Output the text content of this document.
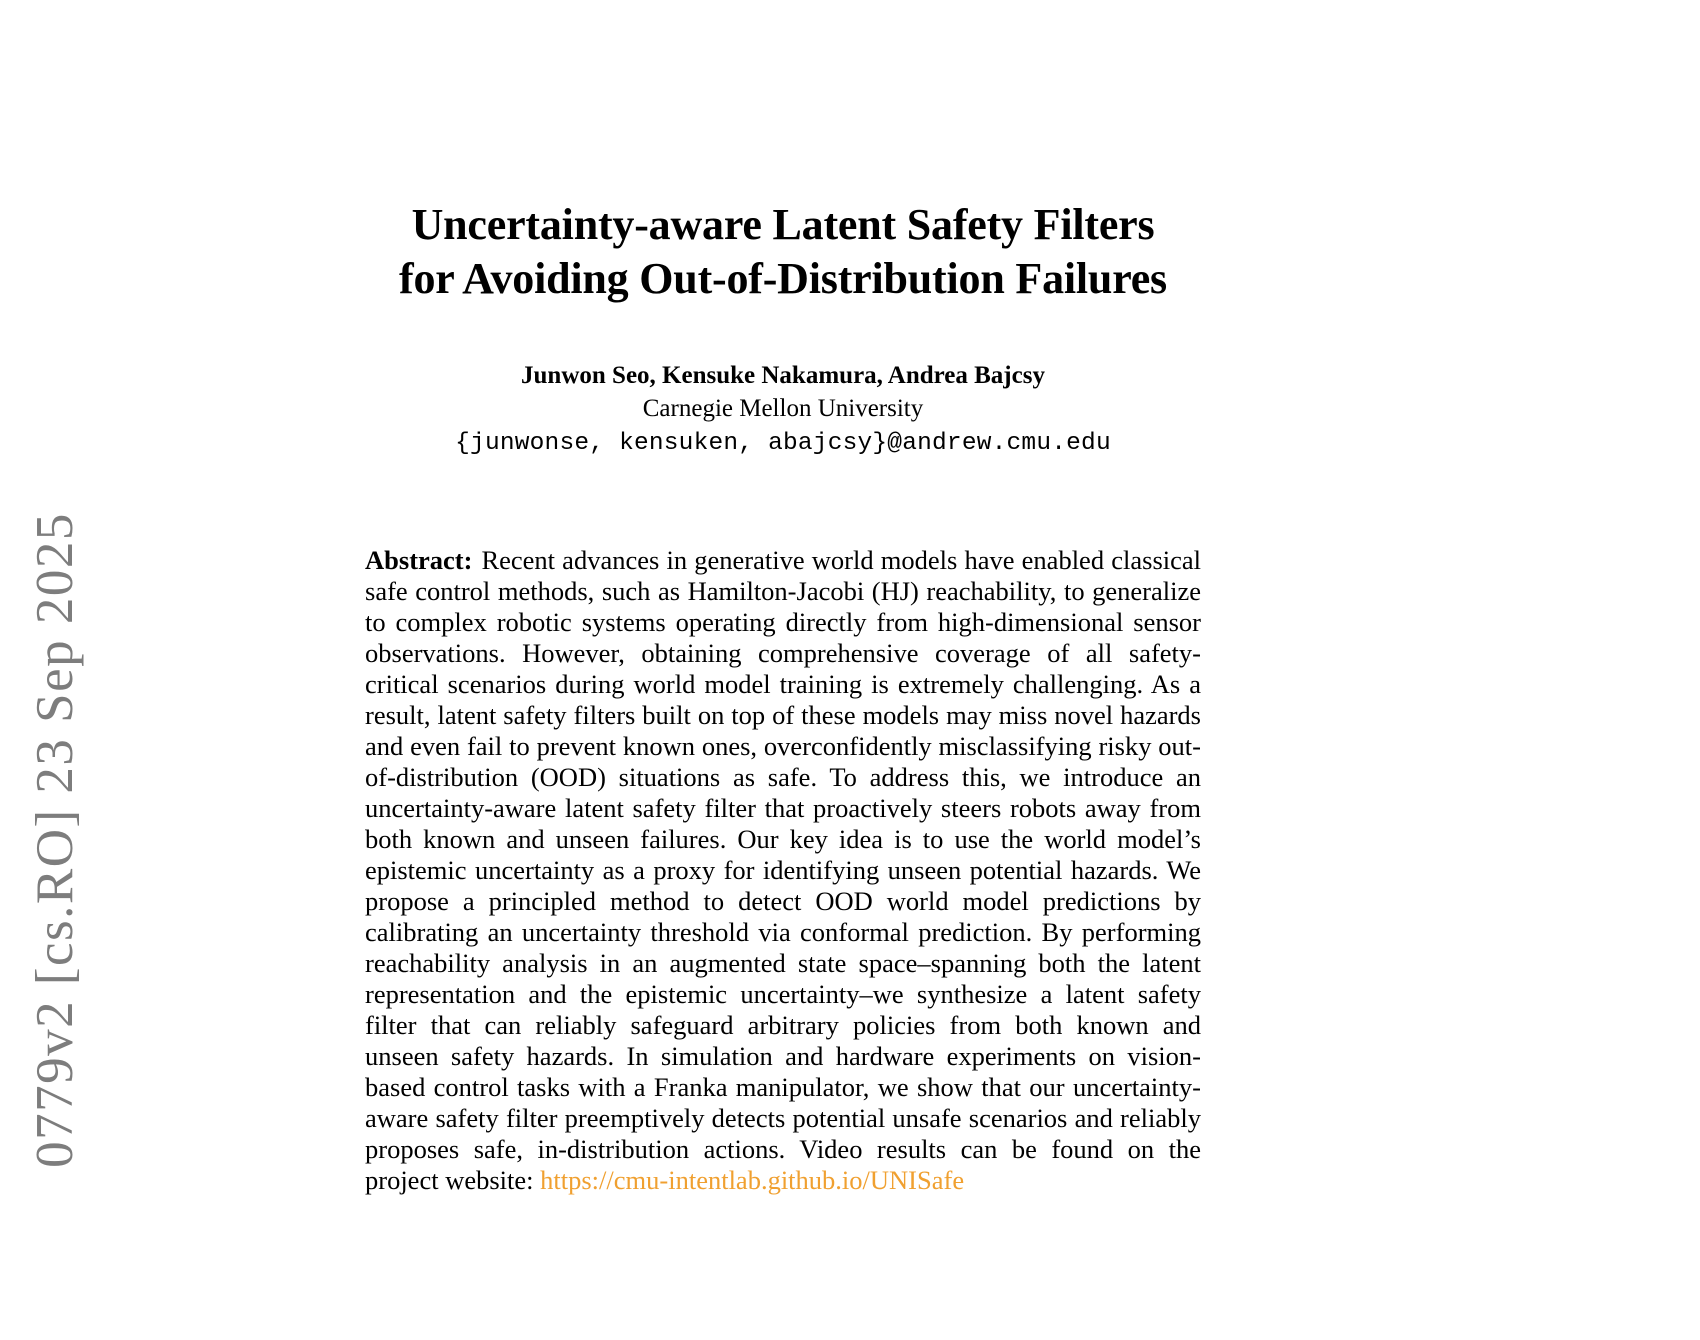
0779v2 [cs.RO] 23 Sep 2025
Uncertainty-aware Latent Safety Filters
for Avoiding Out-of-Distribution Failures
Junwon Seo, Kensuke Nakamura, Andrea Bajcsy
Carnegie Mellon University
{junwonse, kensuken, abajcsy}@andrew.cmu.edu
Abstract: Recent advances in generative world models have enabled classical safe control methods, such as Hamilton-Jacobi (HJ) reachability, to generalize to complex robotic systems operating directly from high-dimensional sensor observations. However, obtaining comprehensive coverage of all safety-critical scenarios during world model training is extremely challenging. As a result, latent safety filters built on top of these models may miss novel hazards and even fail to prevent known ones, overconfidently misclassifying risky out-of-distribution (OOD) situations as safe. To address this, we introduce an uncertainty-aware latent safety filter that proactively steers robots away from both known and unseen failures. Our key idea is to use the world model’s epistemic uncertainty as a proxy for identifying unseen potential hazards. We propose a principled method to detect OOD world model predictions by calibrating an uncertainty threshold via conformal prediction. By performing reachability analysis in an augmented state space–spanning both the latent representation and the epistemic uncertainty–we synthesize a latent safety filter that can reliably safeguard arbitrary policies from both known and unseen safety hazards. In simulation and hardware experiments on vision-based control tasks with a Franka manipulator, we show that our uncertainty-aware safety filter preemptively detects potential unsafe scenarios and reliably proposes safe, in-distribution actions. Video results can be found on the project website: https://cmu-intentlab.github.io/UNISafe
